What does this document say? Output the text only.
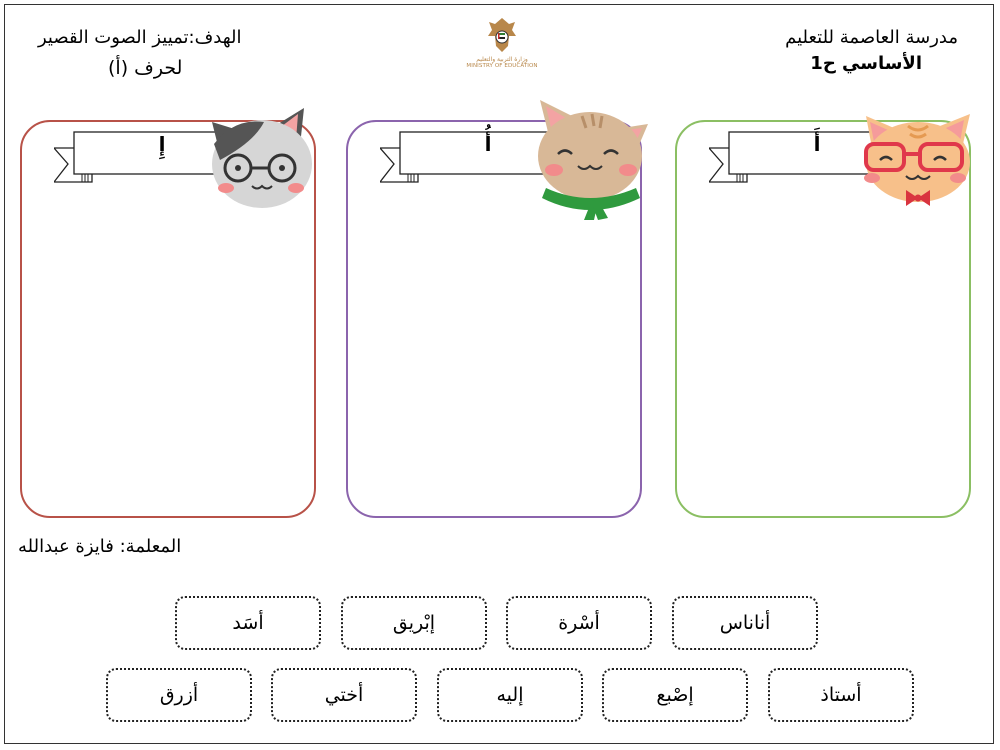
مدرسة العاصمة للتعليم
الأساسي ح1
الهدف:تمييز الصوت القصير
لحرف (أ)	وزارة التربية والتعليم
MINISTRY OF EDUCATION
أَ
أُ
إِ
المعلمة: فايزة عبدالله
أناناس
أسْرة
إبْريق
أسَد
أستاذ
إصْبع
إليه
أختي
أزرق
